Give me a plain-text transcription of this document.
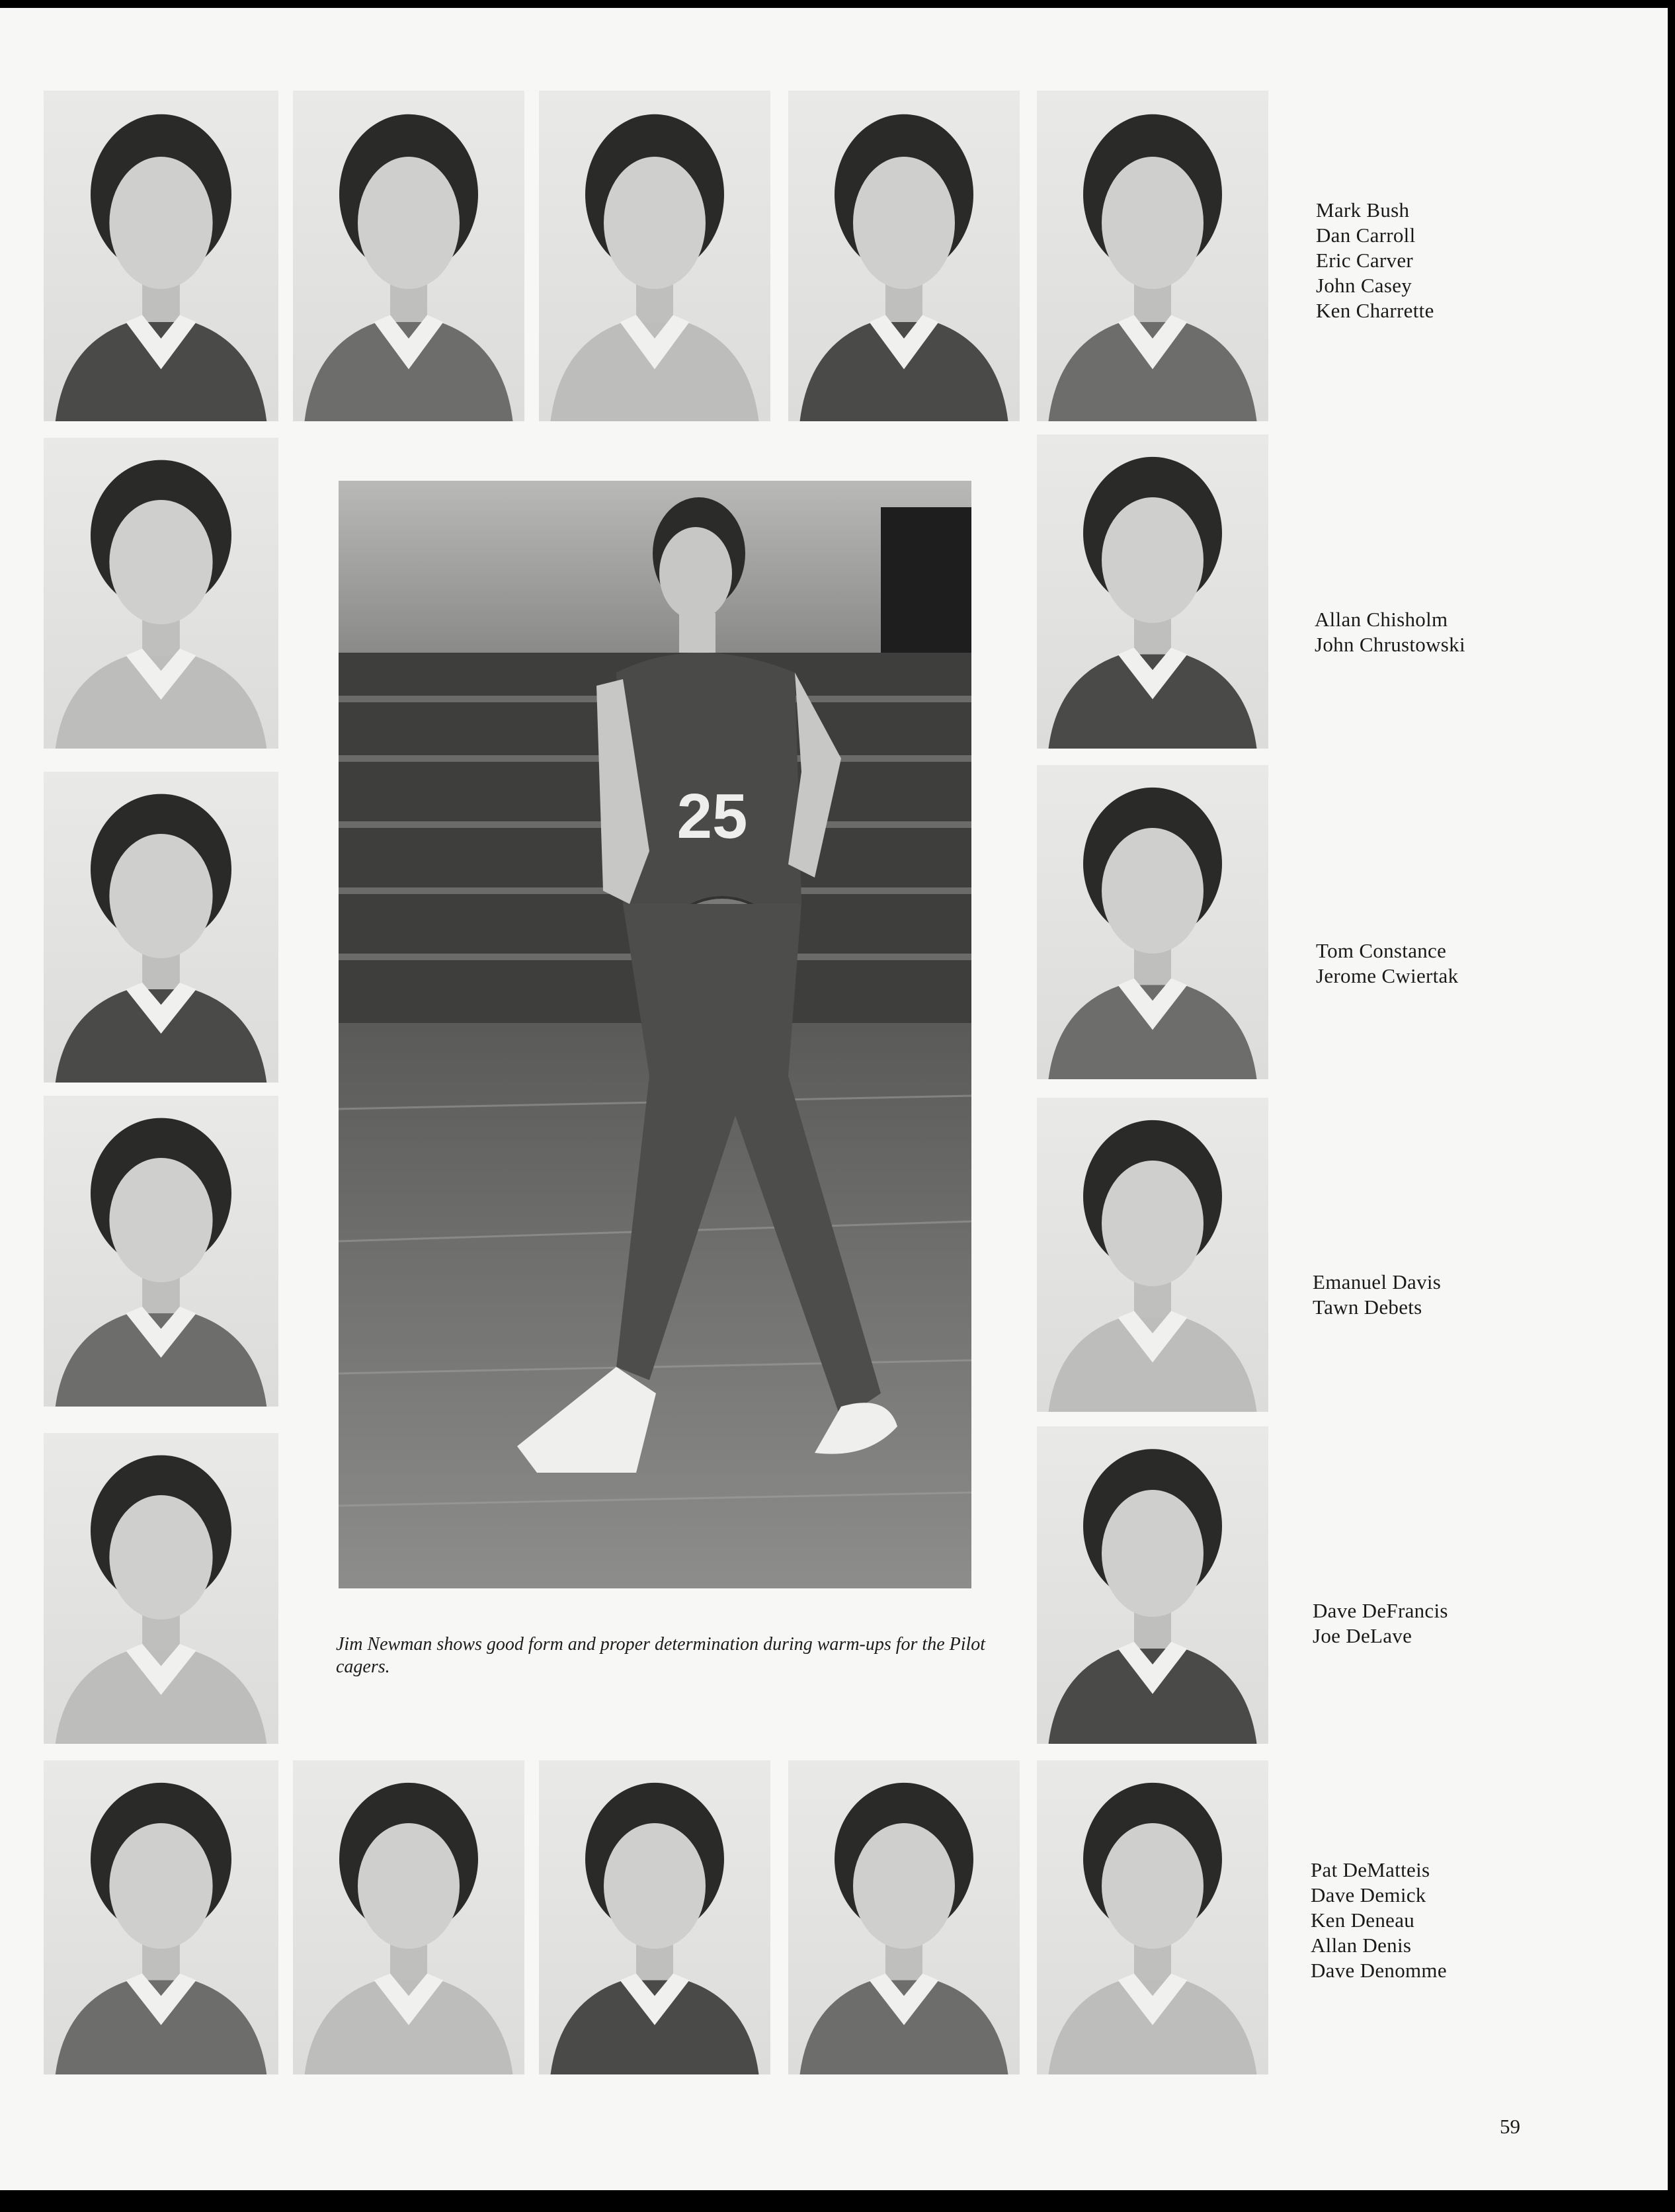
25
Mark Bush
Dan Carroll
Eric Carver
John Casey
Ken Charrette
Allan Chisholm
John Chrustowski
Tom Constance
Jerome Cwiertak
Emanuel Davis
Tawn Debets
Dave DeFrancis
Joe DeLave
Pat DeMatteis
Dave Demick
Ken Deneau
Allan Denis
Dave Denomme
Jim Newman shows good form and proper determination during warm-ups for the Pilot cagers.
59
